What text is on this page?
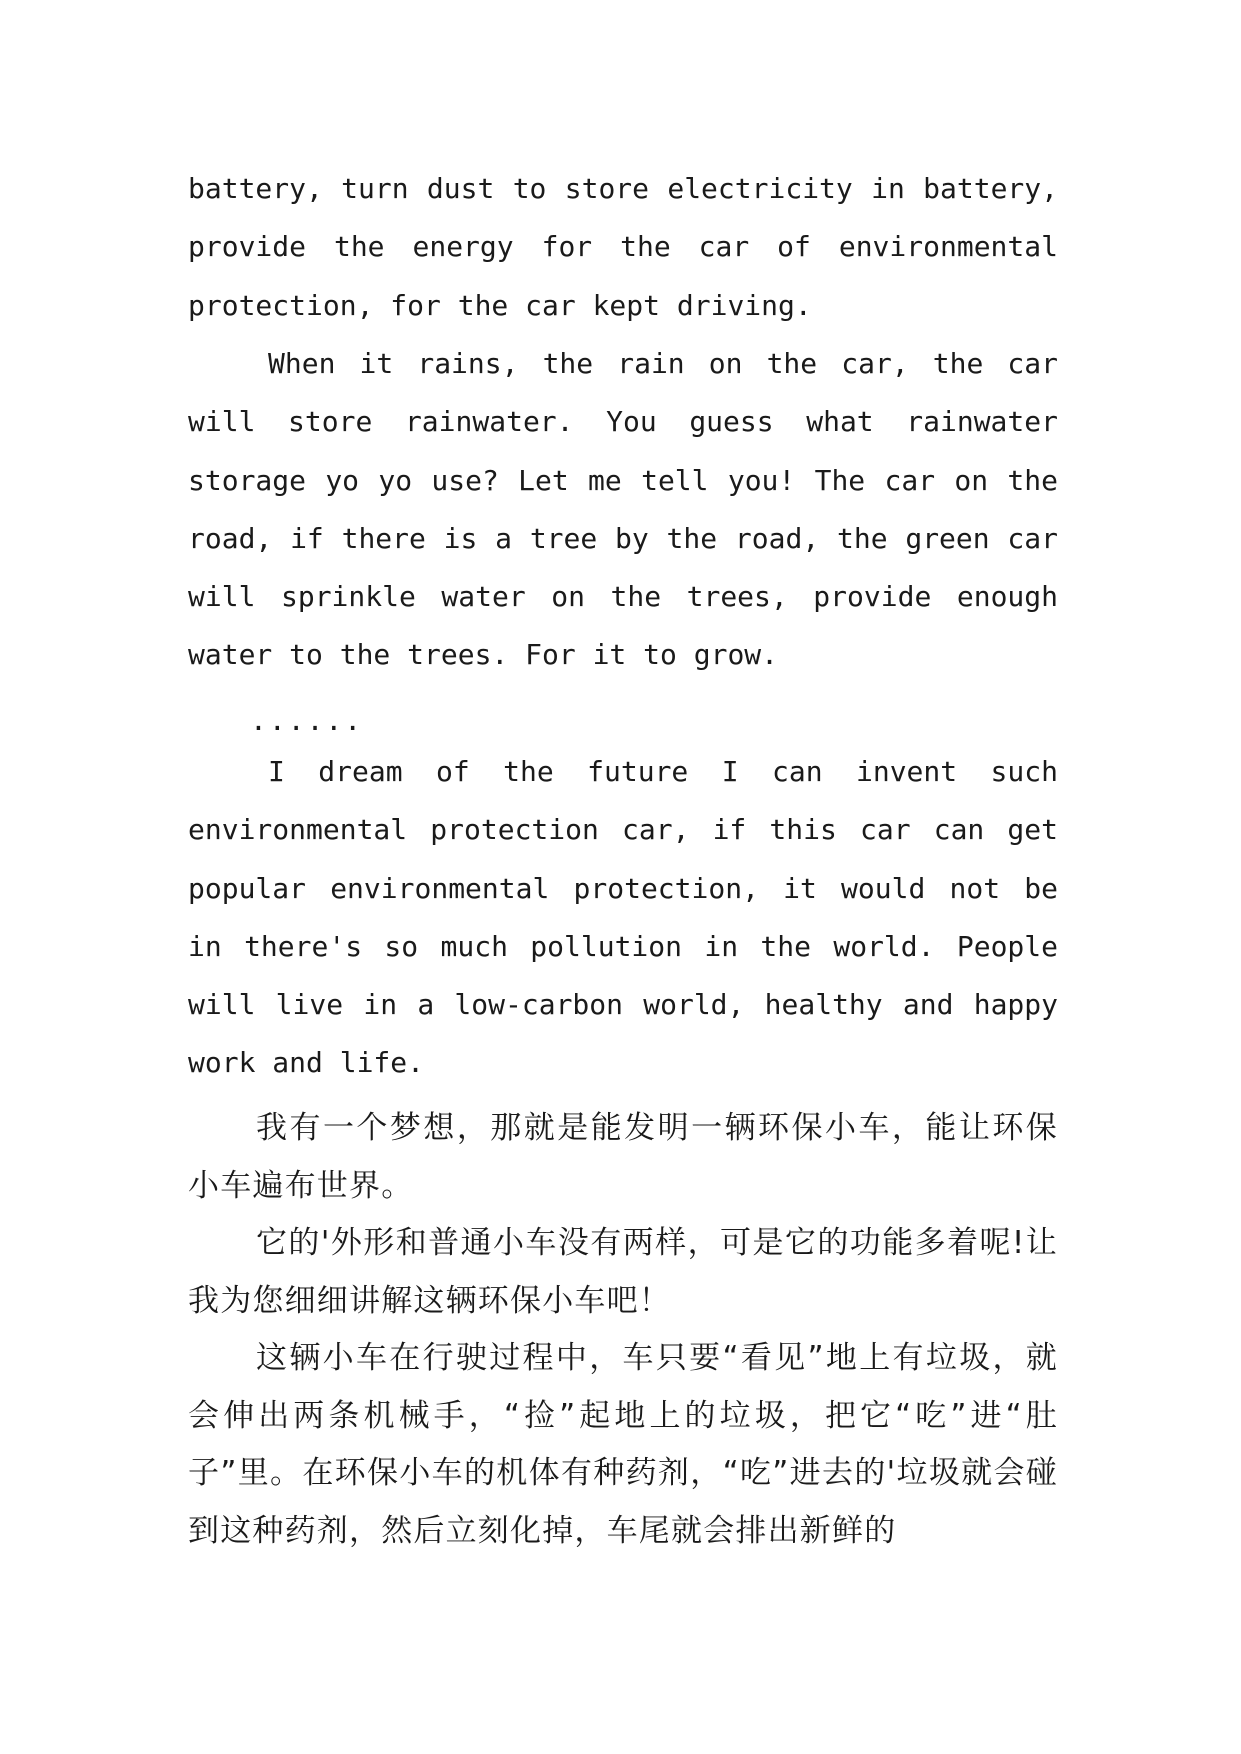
battery, turn dust to store electricity in battery, provide the energy for the car of environmental protection, for the car kept driving.

When it rains, the rain on the car, the car will store rainwater. You guess what rainwater storage yo yo use? Let me tell you! The car on the road, if there is a tree by the road, the green car will sprinkle water on the trees, provide enough water to the trees. For it to grow.

......

I dream of the future I can invent such environmental protection car, if this car can get popular environmental protection, it would not be in there's so much pollution in the world. People will live in a low-carbon world, healthy and happy work and life.

我有一个梦想，那就是能发明一辆环保小车，能让环保小车遍布世界。

它的'外形和普通小车没有两样，可是它的功能多着呢!让我为您细细讲解这辆环保小车吧！

这辆小车在行驶过程中，车只要“看见”地上有垃圾，就会伸出两条机械手，“捡”起地上的垃圾，把它“吃”进“肚子”里。在环保小车的机体有种药剂，“吃”进去的'垃圾就会碰到这种药剂，然后立刻化掉，车尾就会排出新鲜的
